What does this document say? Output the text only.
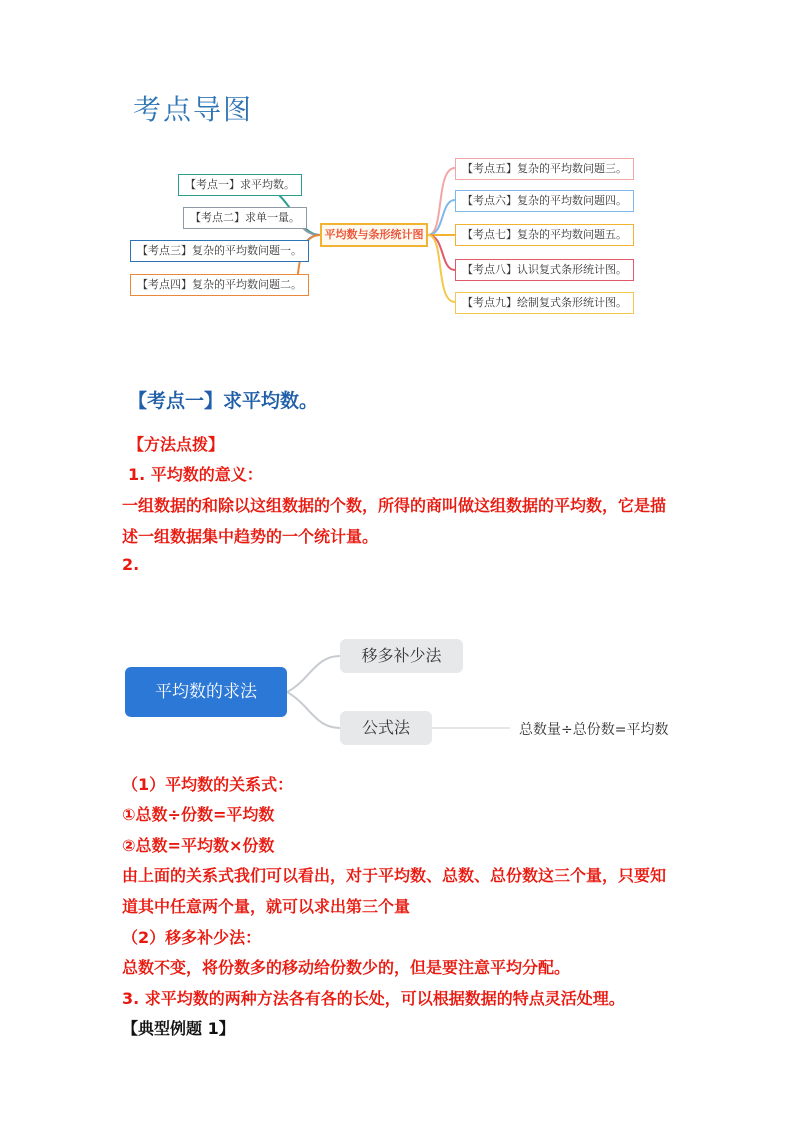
考点导图
平均数与条形统计图
【考点一】求平均数。
【考点二】求单一量。
【考点三】复杂的平均数问题一。
【考点四】复杂的平均数问题二。
【考点五】复杂的平均数问题三。
【考点六】复杂的平均数问题四。
【考点七】复杂的平均数问题五。
【考点八】认识复式条形统计图。
【考点九】绘制复式条形统计图。
【考点一】求平均数。
【方法点拨】
1. 平均数的意义：
一组数据的和除以这组数据的个数，所得的商叫做这组数据的平均数，它是描
述一组数据集中趋势的一个统计量。
2.
平均数的求法
移多补少法
公式法	总数量÷总份数=平均数
（1）平均数的关系式：
①总数÷份数=平均数
②总数=平均数×份数
由上面的关系式我们可以看出，对于平均数、总数、总份数这三个量，只要知
道其中任意两个量，就可以求出第三个量
（2）移多补少法：
总数不变，将份数多的移动给份数少的，但是要注意平均分配。
3. 求平均数的两种方法各有各的长处，可以根据数据的特点灵活处理。
【典型例题 1】
